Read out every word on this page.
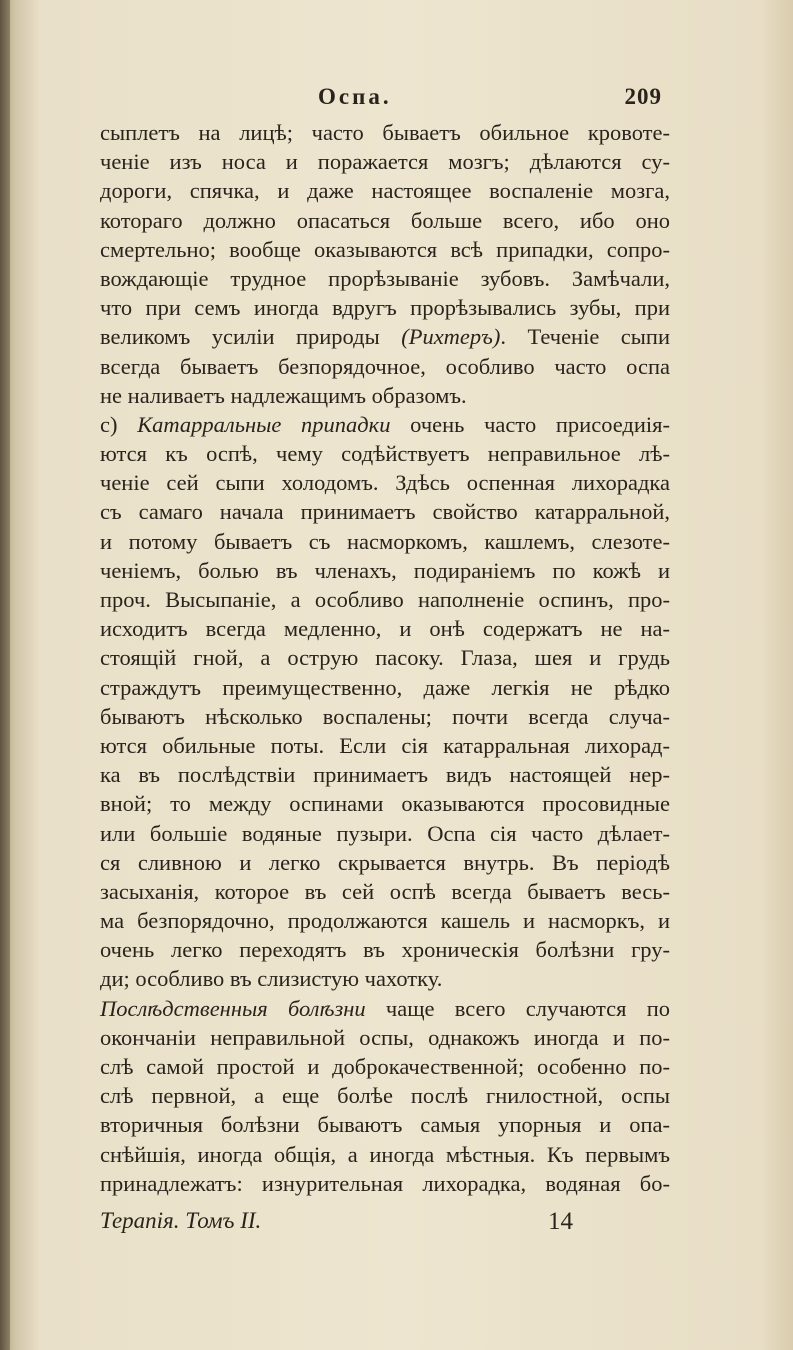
Оспа.	209
сыплетъ на лицѣ; часто бываетъ обильное кровоте-
ченіе изъ носа и поражается мозгъ; дѣлаются су-
дороги, спячка, и даже настоящее воспаленіе мозга,
котораго должно опасаться больше всего, ибо оно
смертельно; вообще оказываются всѣ припадки, сопро-
вождающіе трудное прорѣзываніе зубовъ. Замѣчали,
что при семъ иногда вдругъ прорѣзывались зубы, при
великомъ усиліи природы (Рихтеръ). Теченіе сыпи
всегда бываетъ безпорядочное, особливо часто оспа
не наливаетъ надлежащимъ образомъ.
с) Катарральные припадки очень часто присоедиія-
ются къ оспѣ, чему содѣйствуетъ неправильное лѣ-
ченіе сей сыпи холодомъ. Здѣсь оспенная лихорадка
съ самаго начала принимаетъ свойство катарральной,
и потому бываетъ съ насморкомъ, кашлемъ, слезоте-
ченіемъ, болью въ членахъ, подираніемъ по кожѣ и
проч. Высыпаніе, а особливо наполненіе оспинъ, про-
исходитъ всегда медленно, и онѣ содержатъ не на-
стоящій гной, а острую пасоку. Глаза, шея и грудь
страждутъ преимущественно, даже легкія не рѣдко
бываютъ нѣсколько воспалены; почти всегда случа-
ются обильные поты. Если сія катарральная лихорад-
ка въ послѣдствіи принимаетъ видъ настоящей нер-
вной; то между оспинами оказываются просовидные
или большіе водяные пузыри. Оспа сія часто дѣлает-
ся сливною и легко скрывается внутрь. Въ періодѣ
засыханія, которое въ сей оспѣ всегда бываетъ весь-
ма безпорядочно, продолжаются кашель и насморкъ, и
очень легко переходятъ въ хроническія болѣзни гру-
ди; особливо въ слизистую чахотку.
Послѣдственныя болѣзни чаще всего случаются по
окончаніи неправильной оспы, однакожъ иногда и по-
слѣ самой простой и доброкачественной; особенно по-
слѣ первной, а еще болѣе послѣ гнилостной, оспы
вторичныя болѣзни бываютъ самыя упорныя и опа-
снѣйшія, иногда общія, а иногда мѣстныя. Къ первымъ
принадлежатъ: изнурительная лихорадка, водяная бо-
Терапія. Томъ II.	14
